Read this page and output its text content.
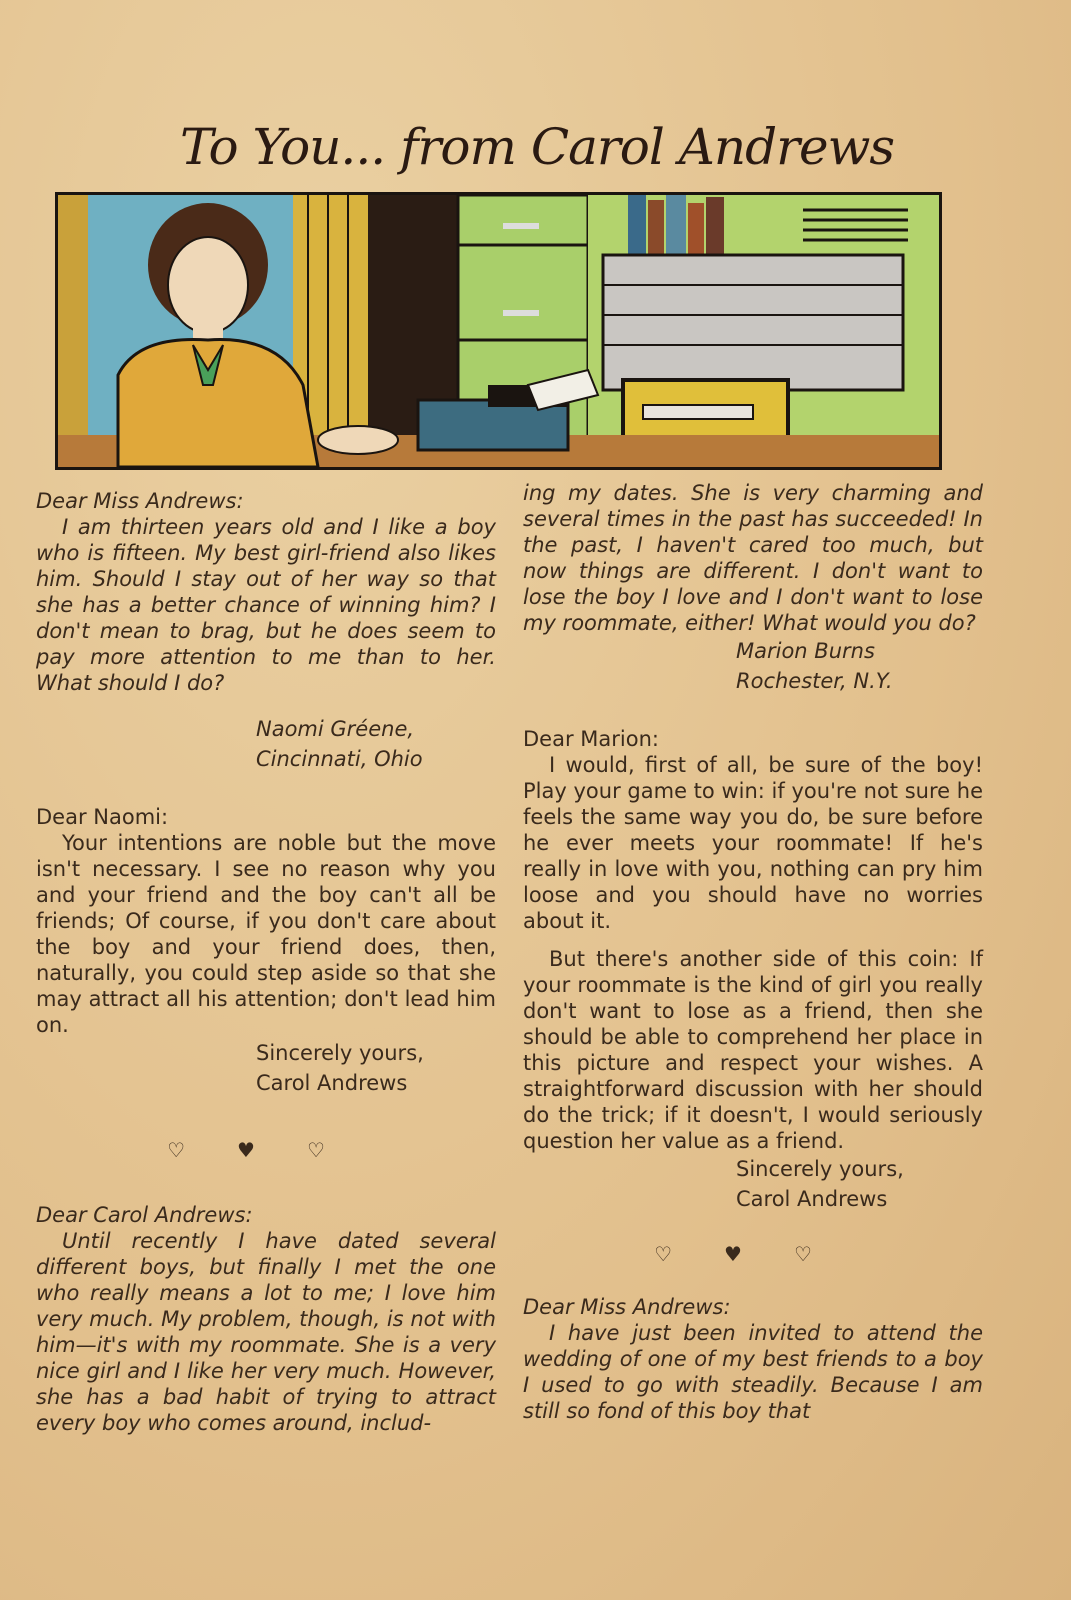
To You... from Carol Andrews

Dear Miss Andrews:

I am thirteen years old and I like a boy who is fifteen. My best girl-friend also likes him. Should I stay out of her way so that she has a better chance of winning him? I don't mean to brag, but he does seem to pay more attention to me than to her. What should I do?

Naomi Gréene,

Cincinnati, Ohio

Dear Naomi:

Your intentions are noble but the move isn't necessary. I see no reason why you and your friend and the boy can't all be friends; Of course, if you don't care about the boy and your friend does, then, naturally, you could step aside so that she may attract all his attention; don't lead him on.

Sincerely yours,

Carol Andrews

♡	♥	♡

Dear Carol Andrews:

Until recently I have dated several different boys, but finally I met the one who really means a lot to me; I love him very much. My problem, though, is not with him—it's with my roommate. She is a very nice girl and I like her very much. However, she has a bad habit of trying to attract every boy who comes around, includ-

ing my dates. She is very charming and several times in the past has succeeded! In the past, I haven't cared too much, but now things are different. I don't want to lose the boy I love and I don't want to lose my roommate, either! What would you do?

Marion Burns

Rochester, N.Y.

Dear Marion:

I would, first of all, be sure of the boy! Play your game to win: if you're not sure he feels the same way you do, be sure before he ever meets your roommate! If he's really in love with you, nothing can pry him loose and you should have no worries about it.

But there's another side of this coin: If your roommate is the kind of girl you really don't want to lose as a friend, then she should be able to comprehend her place in this picture and respect your wishes. A straightforward discussion with her should do the trick; if it doesn't, I would seriously question her value as a friend.

Sincerely yours,

Carol Andrews

♡	♥	♡

Dear Miss Andrews:

I have just been invited to attend the wedding of one of my best friends to a boy I used to go with steadily. Because I am still so fond of this boy that
